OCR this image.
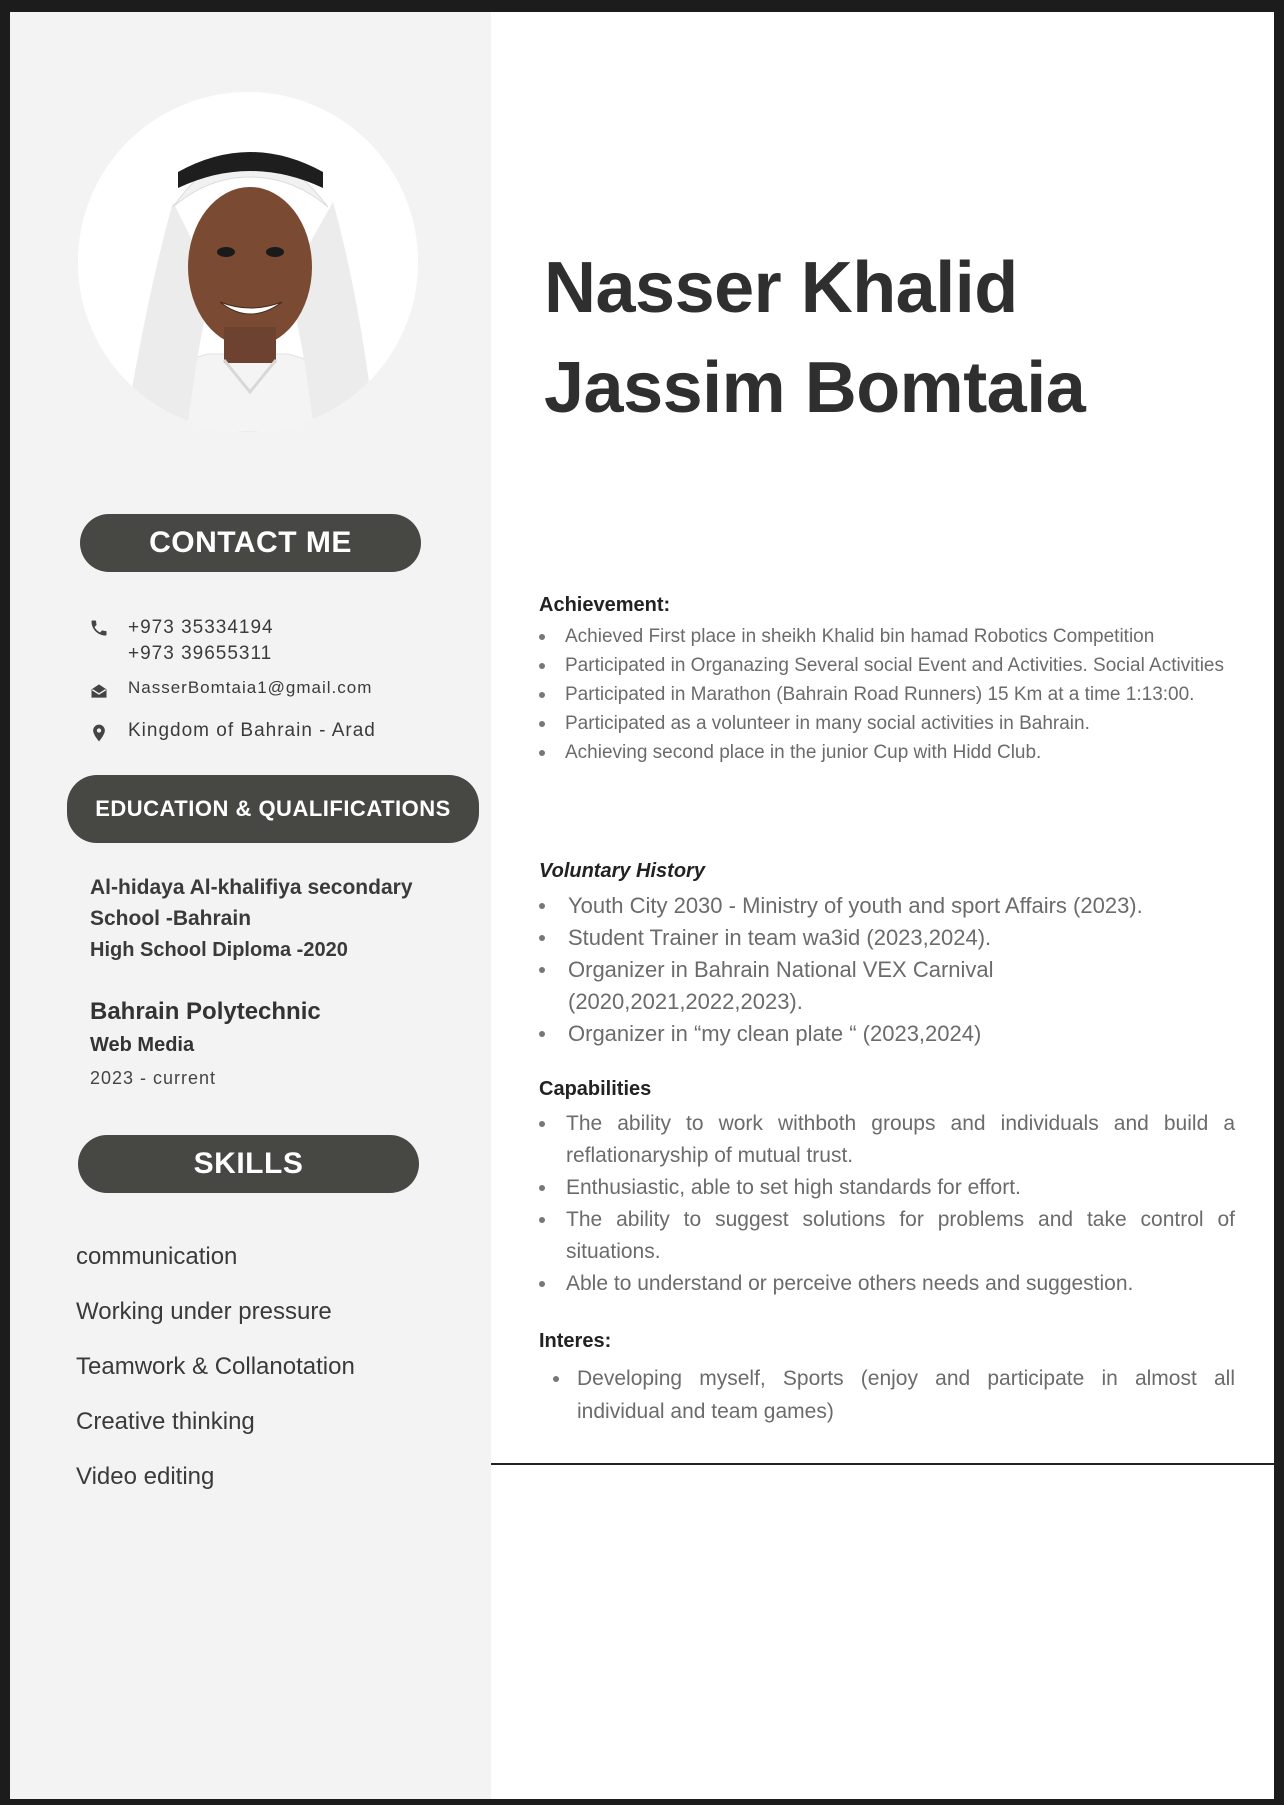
CONTACT ME
+973 35334194
+973 39655311
NasserBomtaia1@gmail.com
Kingdom of Bahrain - Arad
EDUCATION & QUALIFICATIONS
Al-hidaya Al-khalifiya secondary
School -Bahrain
High School Diploma -2020
Bahrain Polytechnic
Web Media
2023 - current
SKILLS
communication
Working under pressure
Teamwork & Collanotation
Creative thinking
Video editing
Nasser Khalid
Jassim Bomtaia
Achievement:
Achieved First place in sheikh Khalid bin hamad Robotics Competition
Participated in Organazing Several social Event and Activities. Social Activities
Participated in Marathon (Bahrain Road Runners) 15 Km at a time 1:13:00.
Participated as a volunteer in many social activities in Bahrain.
Achieving second place in the junior Cup with Hidd Club.
Voluntary History
Youth City 2030 - Ministry of youth and sport Affairs (2023).
Student Trainer in team wa3id (2023,2024).
Organizer in Bahrain National VEX Carnival (2020,2021,2022,2023).
Organizer in “my clean plate “ (2023,2024)
Capabilities
The ability to work withboth groups and individuals and build a reflationaryship of mutual trust.
Enthusiastic, able to set high standards for effort.
The ability to suggest solutions for problems and take control of situations.
Able to understand or perceive others needs and suggestion.
Interes:
Developing myself, Sports (enjoy and participate in almost all individual and team games)
